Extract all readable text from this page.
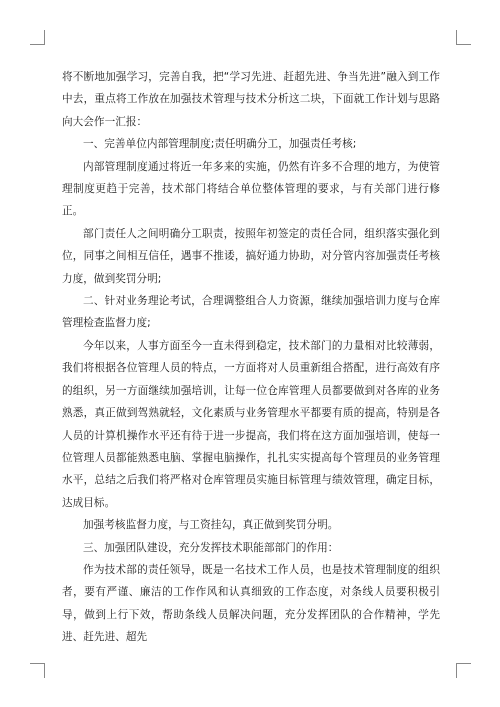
将不断地加强学习，完善自我，把“学习先进、赶超先进、争当先进”融入到工作中去，重点将工作放在加强技术管理与技术分析这二块，下面就工作计划与思路向大会作一汇报：

一、完善单位内部管理制度;责任明确分工，加强责任考核;

内部管理制度通过将近一年多来的实施，仍然有许多不合理的地方，为使管理制度更趋于完善，技术部门将结合单位整体管理的要求，与有关部门进行修正。

部门责任人之间明确分工职责，按照年初签定的责任合同，组织落实强化到位，同事之间相互信任，遇事不推诿，搞好通力协助，对分管内容加强责任考核力度，做到奖罚分明;

二、针对业务理论考试，合理调整组合人力资源，继续加强培训力度与仓库管理检查监督力度;

今年以来，人事方面至今一直未得到稳定，技术部门的力量相对比较薄弱，我们将根据各位管理人员的特点，一方面将对人员重新组合搭配，进行高效有序的组织，另一方面继续加强培训，让每一位仓库管理人员都要做到对各库的业务熟悉，真正做到驾熟就轻，文化素质与业务管理水平都要有质的提高，特别是各人员的计算机操作水平还有待于进一步提高，我们将在这方面加强培训，使每一位管理人员都能熟悉电脑、掌握电脑操作，扎扎实实提高每个管理员的业务管理水平，总结之后我们将严格对仓库管理员实施目标管理与绩效管理，确定目标，达成目标。

加强考核监督力度，与工资挂勾，真正做到奖罚分明。

三、加强团队建设，充分发挥技术职能部部门的作用：

作为技术部的责任领导，既是一名技术工作人员，也是技术管理制度的组织者，要有严谨、廉洁的工作作风和认真细致的工作态度，对条线人员要积极引导，做到上行下效，帮助条线人员解决问题，充分发挥团队的合作精神，学先进、赶先进、超先
